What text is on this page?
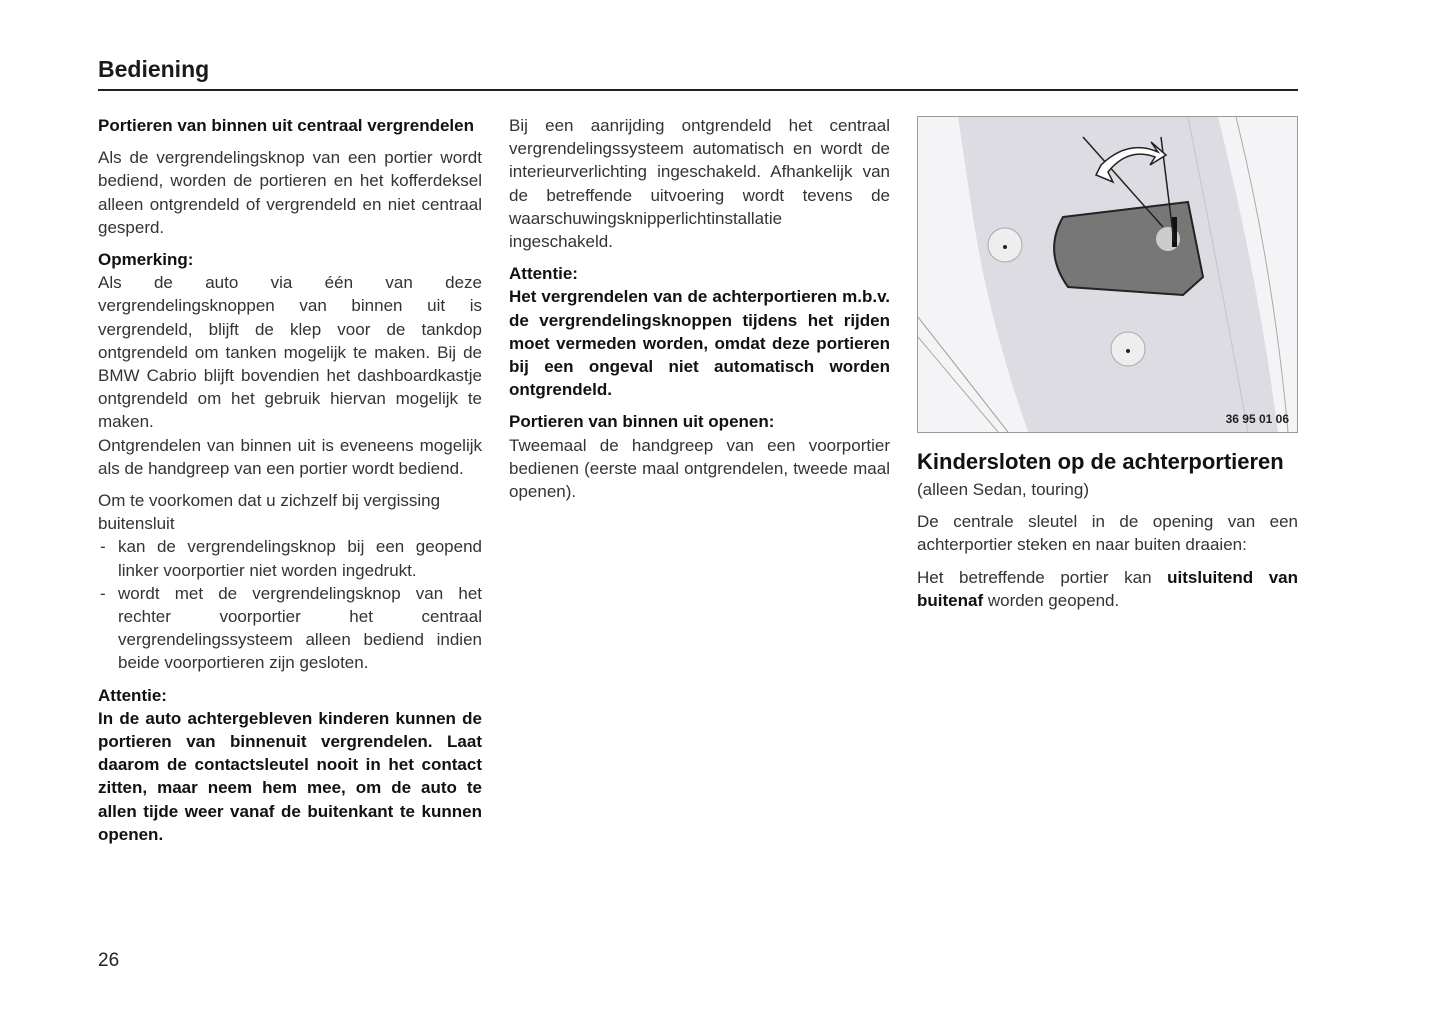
Bediening

Portieren van binnen uit centraal vergrendelen

Als de vergrendelingsknop van een portier wordt bediend, worden de portieren en het kofferdeksel alleen ontgrendeld of vergrendeld en niet centraal gesperd.

Opmerking:

Als de auto via één van deze vergrendelingsknoppen van binnen uit is vergrendeld, blijft de klep voor de tankdop ontgrendeld om tanken mogelijk te maken. Bij de BMW Cabrio blijft bovendien het dashboardkastje ontgrendeld om het gebruik hiervan mogelijk te maken.

Ontgrendelen van binnen uit is eveneens mogelijk als de handgreep van een portier wordt bediend.

Om te voorkomen dat u zichzelf bij vergissing buitensluit

- kan de vergrendelingsknop bij een geopend linker voorportier niet worden ingedrukt.
- wordt met de vergrendelingsknop van het rechter voorportier het centraal vergrendelingssysteem alleen bediend indien beide voorportieren zijn gesloten.

Attentie:

In de auto achtergebleven kinderen kunnen de portieren van binnenuit vergrendelen. Laat daarom de contactsleutel nooit in het contact zitten, maar neem hem mee, om de auto te allen tijde weer vanaf de buitenkant te kunnen openen.

Bij een aanrijding ontgrendeld het centraal vergrendelingssysteem automatisch en wordt de interieurverlichting ingeschakeld. Afhankelijk van de betreffende uitvoering wordt tevens de waarschuwingsknipperlichtinstallatie ingeschakeld.

Attentie:

Het vergrendelen van de achterportieren m.b.v. de vergrendelingsknoppen tijdens het rijden moet vermeden worden, omdat deze portieren bij een ongeval niet automatisch worden ontgrendeld.

Portieren van binnen uit openen:

Tweemaal de handgreep van een voorportier bedienen (eerste maal ontgrendelen, tweede maal openen).

36 95 01 06
Kindersloten op de achterportieren

(alleen Sedan, touring)

De centrale sleutel in de opening van een achterportier steken en naar buiten draaien:

Het betreffende portier kan uitsluitend van buitenaf worden geopend.

26
